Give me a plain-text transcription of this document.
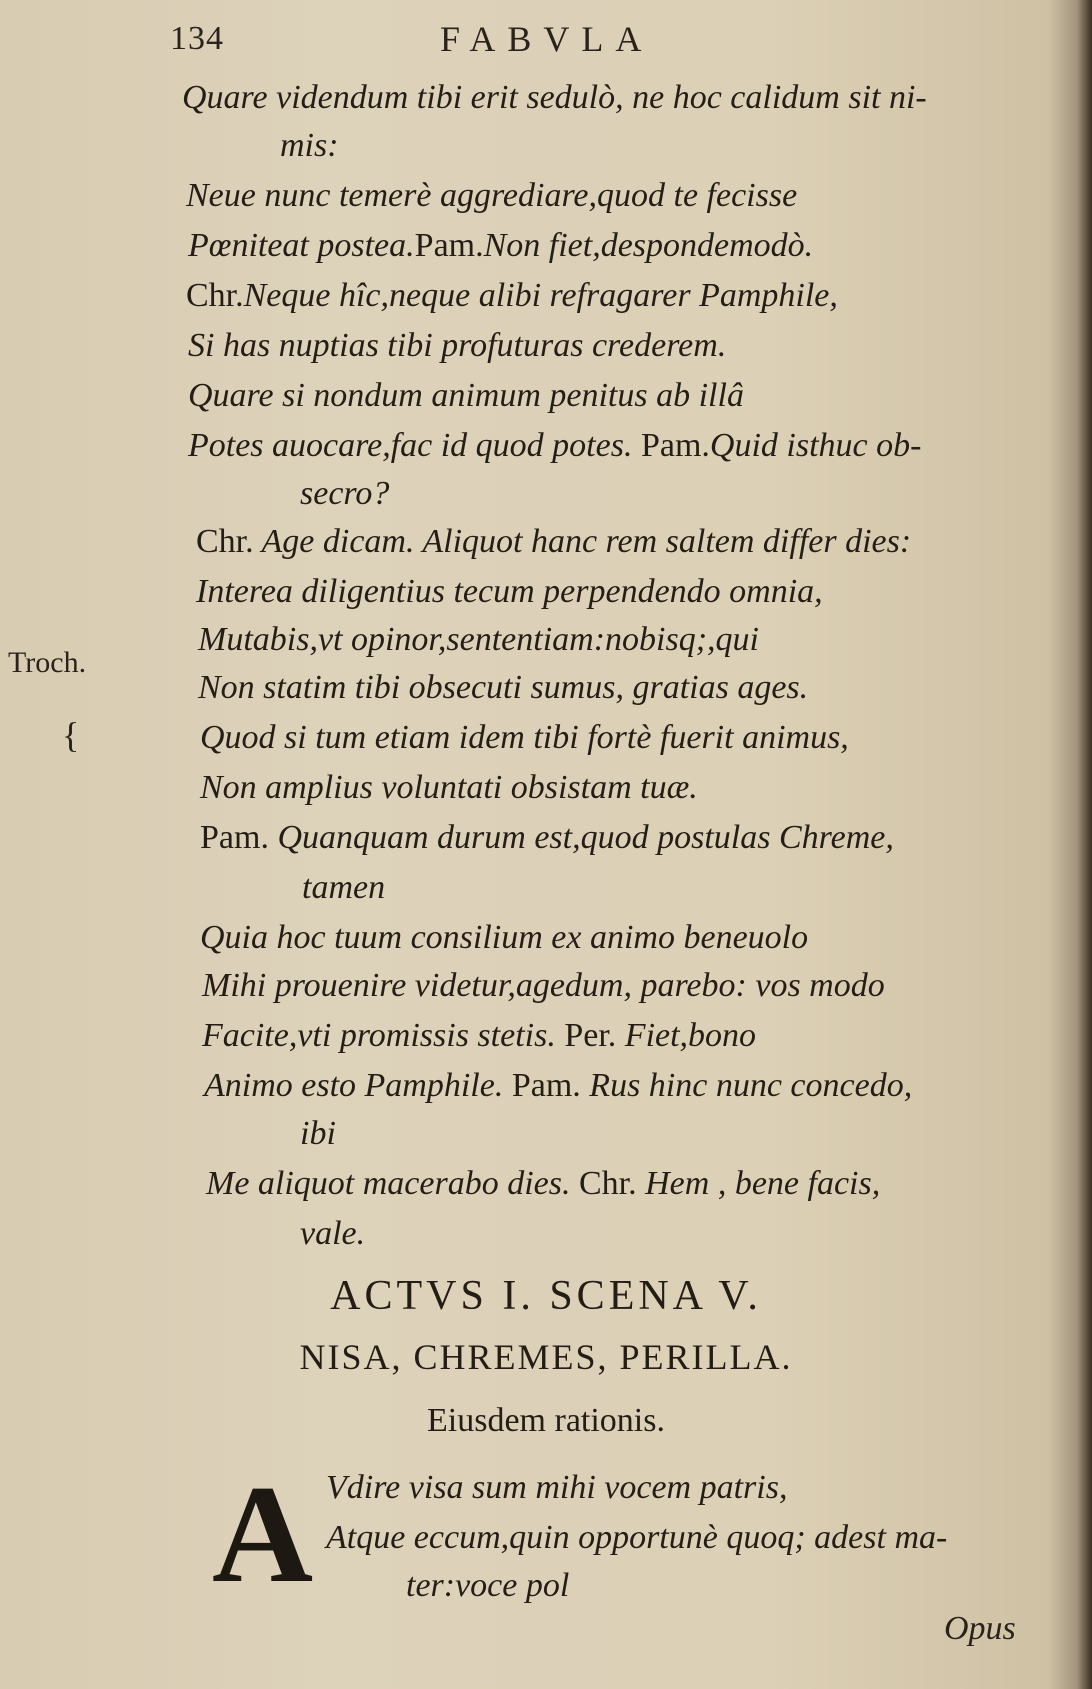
134	FABVLA
Quare videndum tibi erit sedulò, ne hoc calidum sit ni-
mis:
Neue nunc temerè aggrediare,quod te fecisse
Pœniteat postea.Pam.Non fiet,despondemodò.
Chr.Neque hîc,neque alibi refragarer Pamphile,
Si has nuptias tibi profuturas crederem.
Quare si nondum animum penitus ab illâ
Potes auocare,fac id quod potes. Pam.Quid isthuc ob-
secro?
Chr. Age dicam. Aliquot hanc rem saltem differ dies:
Interea diligentius tecum perpendendo omnia,
Mutabis,vt opinor,sententiam:nobisq;,qui
Non statim tibi obsecuti sumus, gratias ages.
Quod si tum etiam idem tibi fortè fuerit animus,
Non amplius voluntati obsistam tuæ.
Pam. Quanquam durum est,quod postulas Chreme,
tamen
Quia hoc tuum consilium ex animo beneuolo
Mihi prouenire videtur,agedum, parebo: vos modo
Facite,vti promissis stetis. Per. Fiet,bono
Animo esto Pamphile. Pam. Rus hinc nunc concedo,
ibi
Me aliquot macerabo dies. Chr. Hem , bene facis,
vale.
Troch.
{
ACTVS I. SCENA V.
NISA, CHREMES, PERILLA.
Eiusdem rationis.
A Vdire visa sum mihi vocem patris,
Atque eccum,quin opportunè quoq; adest ma-
ter:voce pol
Opus
